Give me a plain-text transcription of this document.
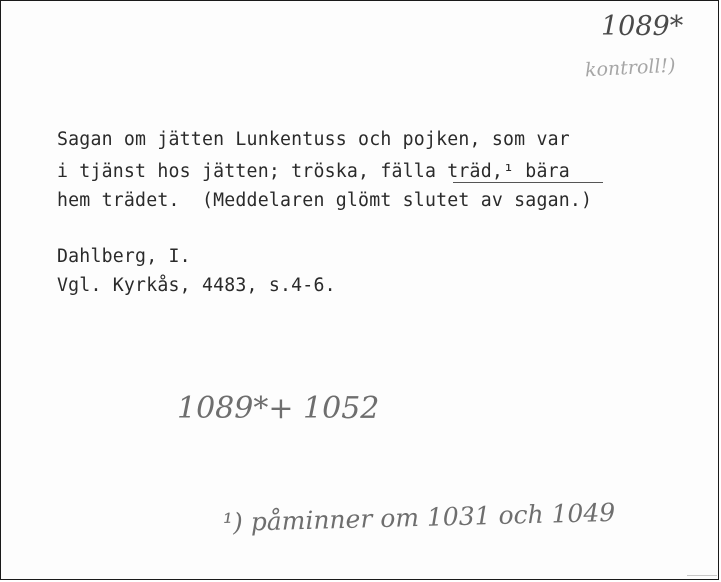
1089*
kontroll!)

Sagan om jätten Lunkentuss och pojken, som var

i tjänst hos jätten; tröska, fälla träd,¹ bära

hem trädet.  (Meddelaren glömt slutet av sagan.)

Dahlberg, I.

Vgl. Kyrkås, 4483, s.4-6.

1089*+ 1052
¹) påminner om 1031 och 1049
